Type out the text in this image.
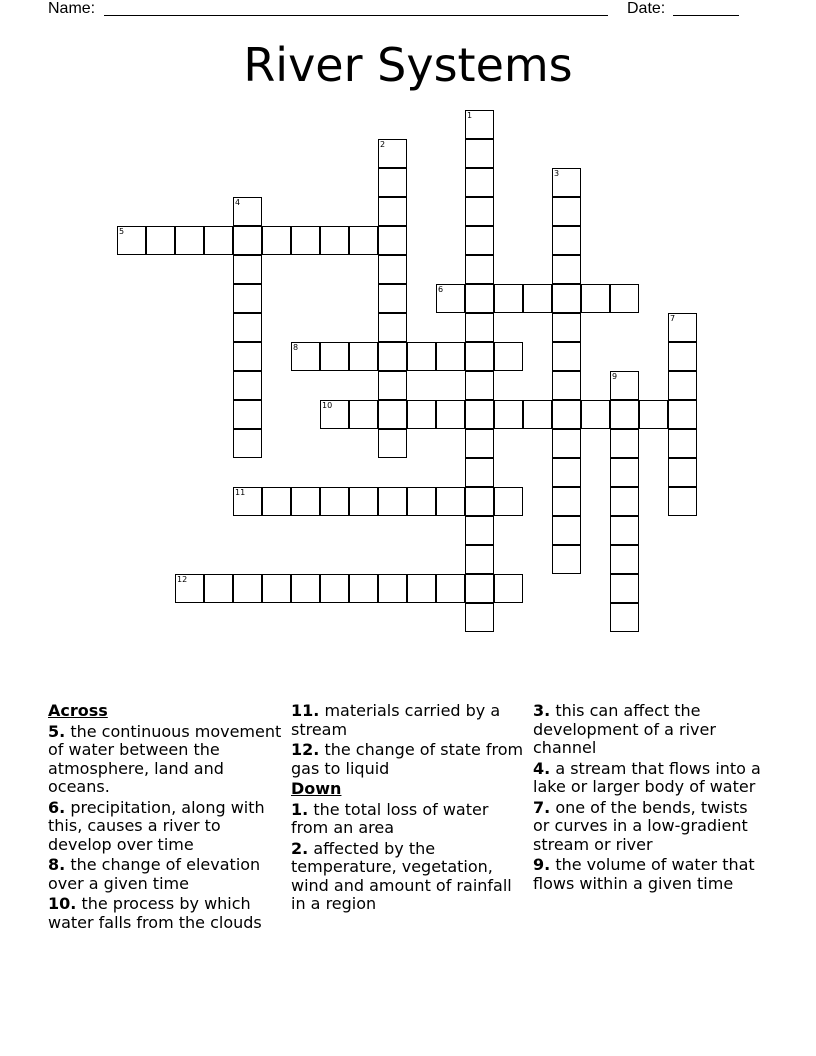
Name:	Date:
River Systems
1
2
3
4
5
6
7
8
9
10
11
12
Across
5. the continuous movement of water between the atmosphere, land and oceans.
6. precipitation, along with this, causes a river to develop over time
8. the change of elevation over a given time
10. the process by which water falls from the clouds
11. materials carried by a stream
12. the change of state from gas to liquid
Down
1. the total loss of water from an area
2. affected by the temperature, vegetation, wind and amount of rainfall in a region
3. this can affect the development of a river channel
4. a stream that flows into a lake or larger body of water
7. one of the bends, twists or curves in a low-gradient stream or river
9. the volume of water that flows within a given time
